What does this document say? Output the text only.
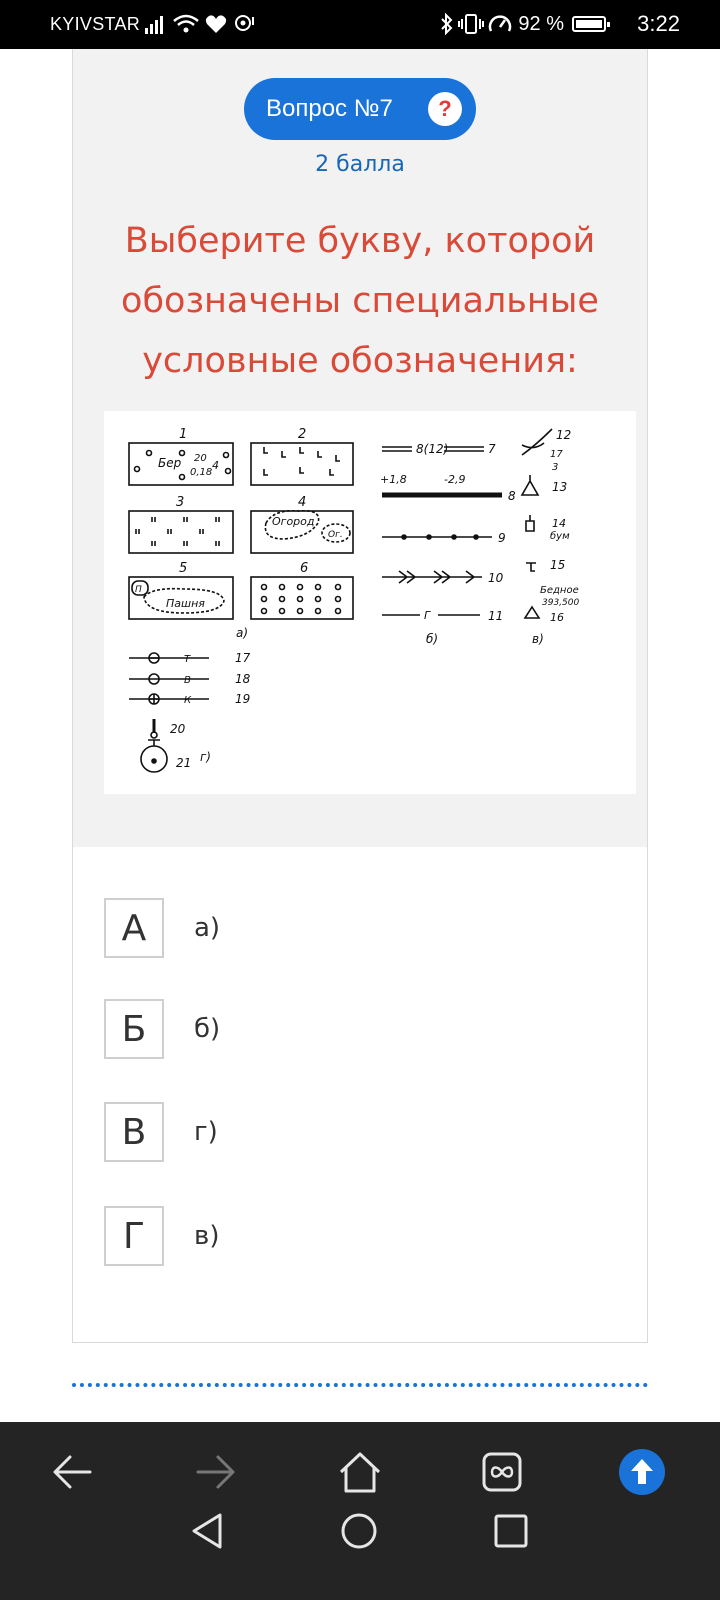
KYIVSTAR	92 %	3:22
Вопрос №7	?
2 балла
Выберите букву, которой обозначены специальные условные обозначения:
1	2
3	4
5	6
Бер 20
0,18
4
Огород
Ог.
П
Пашня
8(12)	7
+1,8	-2,9
8
9
10
Г	11
12
17
3
13
14
бум
15
Бедное
393,500
16
а)	б)	в)
Т	17
В	18
К	19
20
21 г)
А	а)
Б	б)
В	г)
Г	в)
